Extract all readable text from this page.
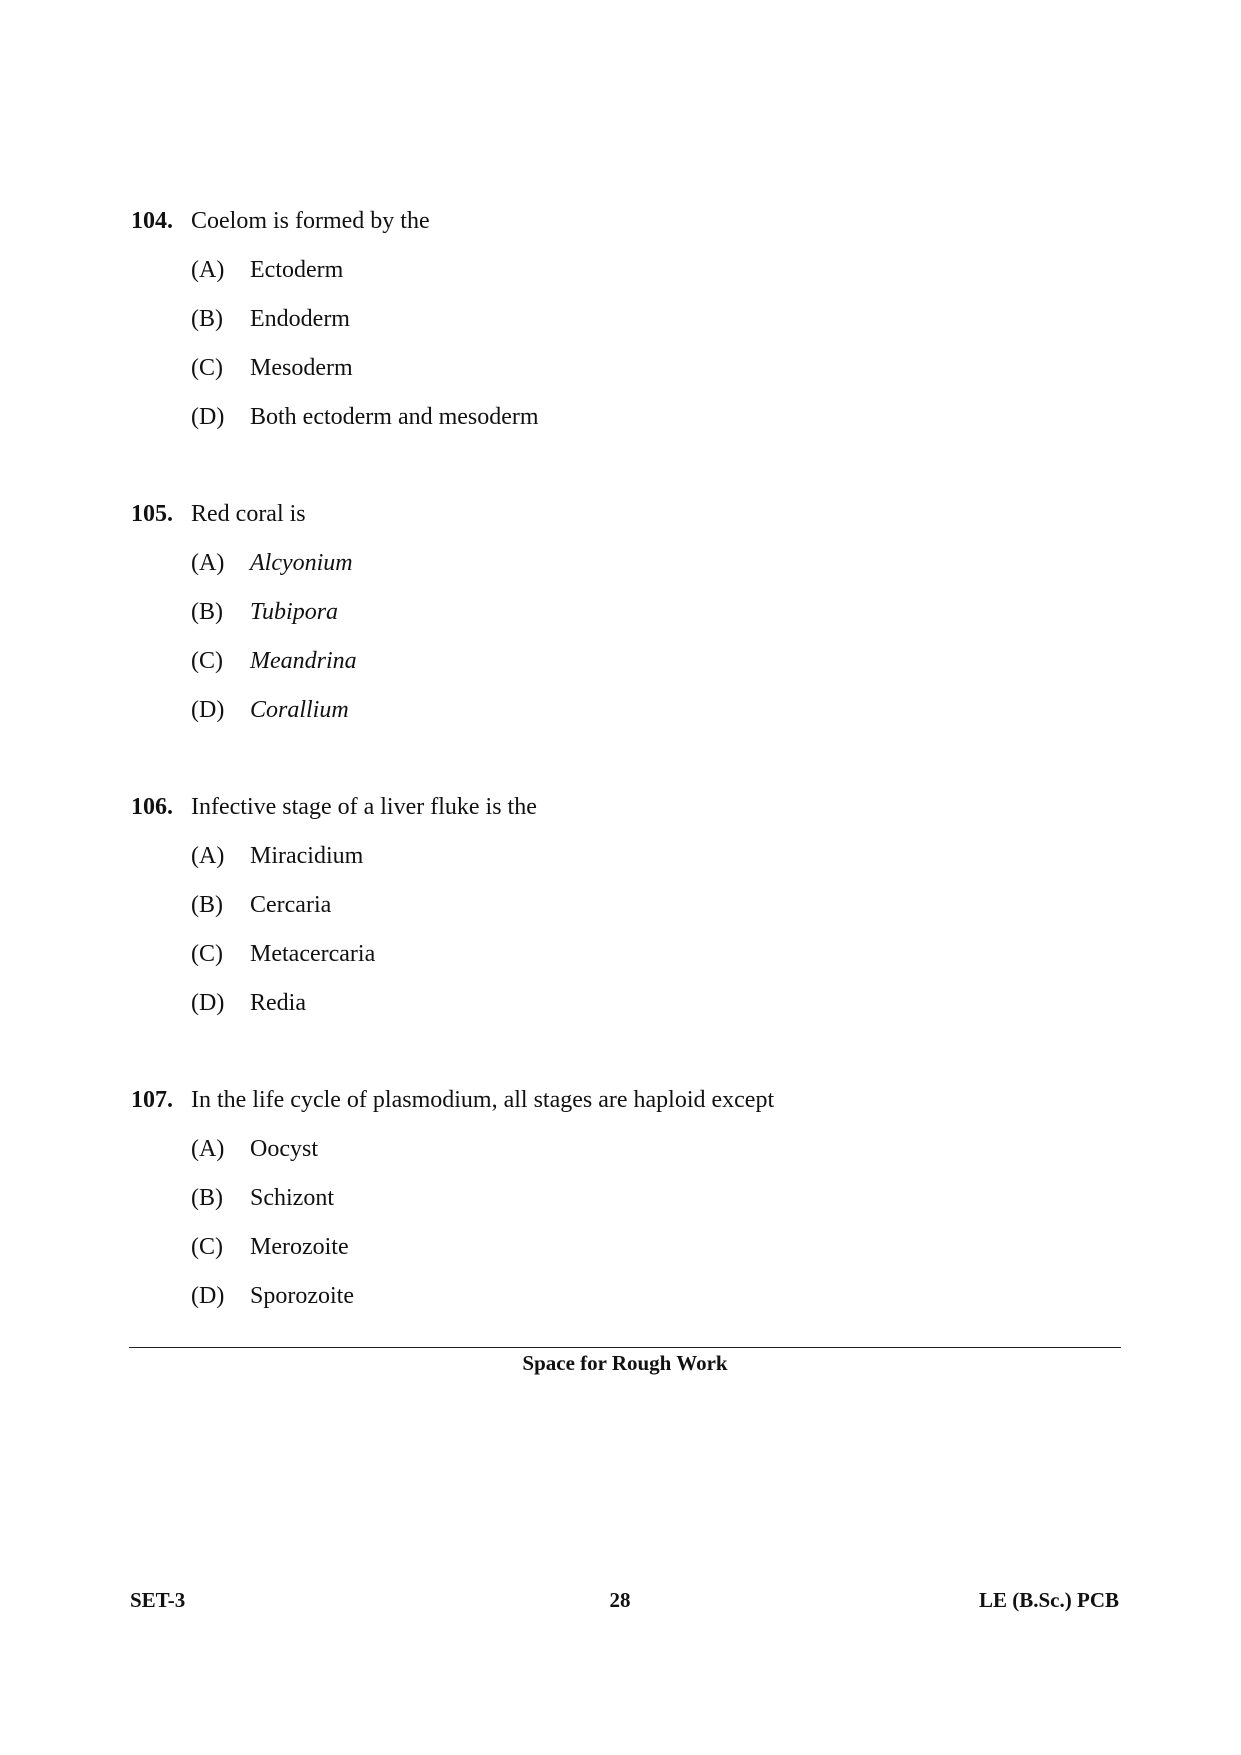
104. Coelom is formed by the
(A) Ectoderm
(B) Endoderm
(C) Mesoderm
(D) Both ectoderm and mesoderm
105. Red coral is
(A) Alcyonium
(B) Tubipora
(C) Meandrina
(D) Corallium
106. Infective stage of a liver fluke is the
(A) Miracidium
(B) Cercaria
(C) Metacercaria
(D) Redia
107. In the life cycle of plasmodium, all stages are haploid except
(A) Oocyst
(B) Schizont
(C) Merozoite
(D) Sporozoite
Space for Rough Work
SET-3	28	LE (B.Sc.) PCB
